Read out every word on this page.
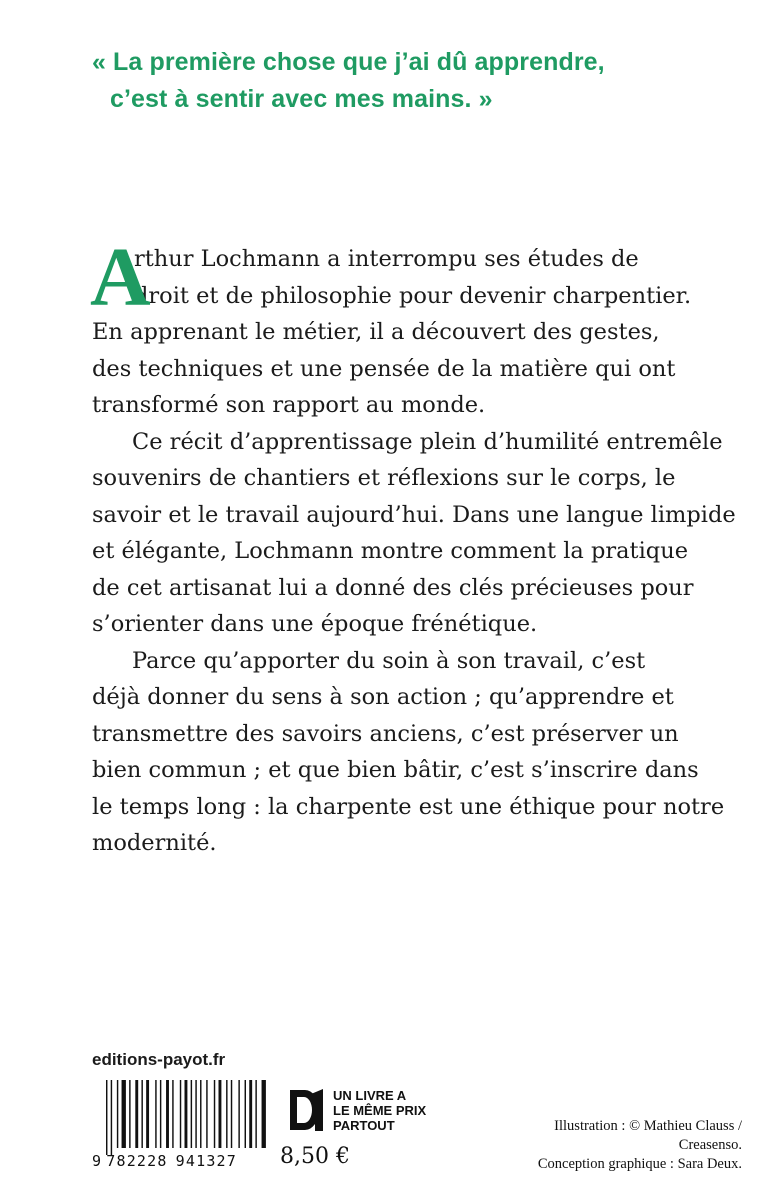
« La première chose que j’ai dû apprendre,
c’est à sentir avec mes mains. »
A
rthur Lochmann a interrompu ses études de
droit et de philosophie pour devenir charpentier.
En apprenant le métier, il a découvert des gestes,
des techniques et une pensée de la matière qui ont
transformé son rapport au monde.
Ce récit d’apprentissage plein d’humilité entremêle
souvenirs de chantiers et réflexions sur le corps, le
savoir et le travail aujourd’hui. Dans une langue limpide
et élégante, Lochmann montre comment la pratique
de cet artisanat lui a donné des clés précieuses pour
s’orienter dans une époque frénétique.
Parce qu’apporter du soin à son travail, c’est
déjà donner du sens à son action ; qu’apprendre et
transmettre des savoirs anciens, c’est préserver un
bien commun ; et que bien bâtir, c’est s’inscrire dans
le temps long : la charpente est une éthique pour notre
modernité.
editions-payot.fr
9 782228 941327
UN LIVRE A
LE MÊME PRIX
PARTOUT
8,50 €
Illustration : © Mathieu Clauss /
Creasenso.
Conception graphique : Sara Deux.
